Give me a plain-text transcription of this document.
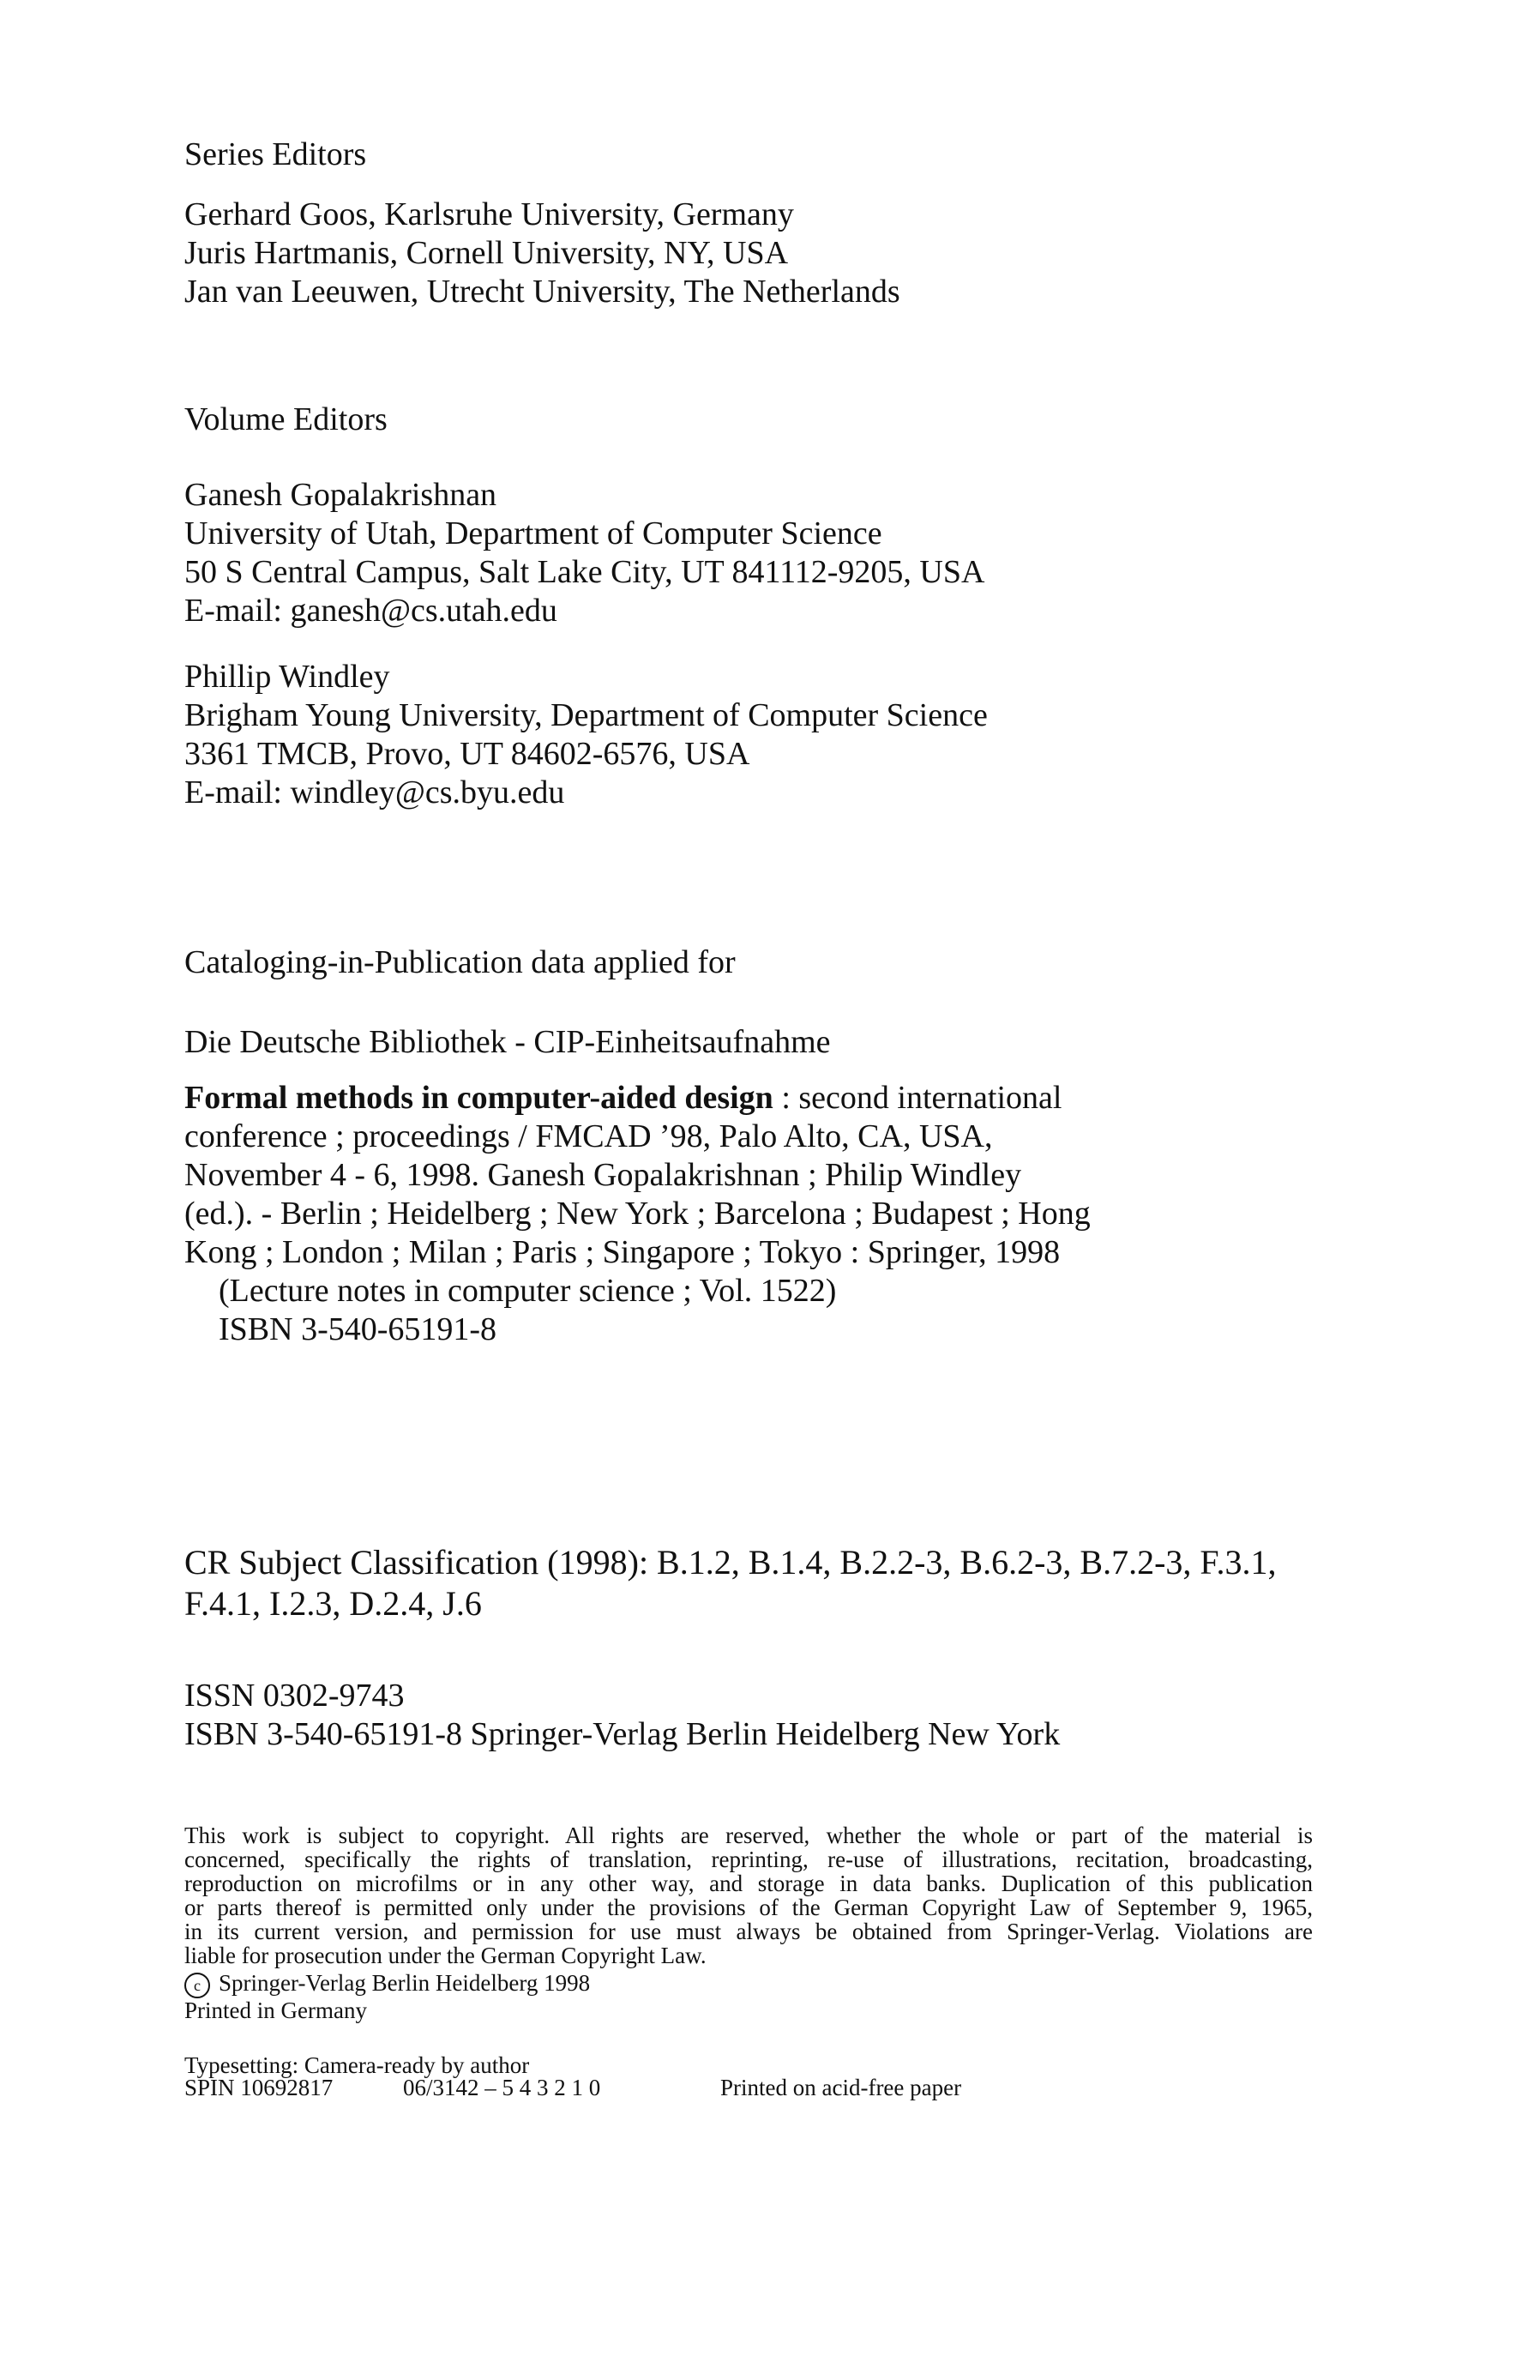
Series Editors
Gerhard Goos, Karlsruhe University, Germany
Juris Hartmanis, Cornell University, NY, USA
Jan van Leeuwen, Utrecht University, The Netherlands
Volume Editors
Ganesh Gopalakrishnan
University of Utah, Department of Computer Science
50 S Central Campus, Salt Lake City, UT 841112-9205, USA
E-mail: ganesh@cs.utah.edu
Phillip Windley
Brigham Young University, Department of Computer Science
3361 TMCB, Provo, UT 84602-6576, USA
E-mail: windley@cs.byu.edu
Cataloging-in-Publication data applied for
Die Deutsche Bibliothek - CIP-Einheitsaufnahme
Formal methods in computer-aided design : second international
conference ; proceedings / FMCAD ’98, Palo Alto, CA, USA,
November 4 - 6, 1998. Ganesh Gopalakrishnan ; Philip Windley
(ed.). - Berlin ; Heidelberg ; New York ; Barcelona ; Budapest ; Hong
Kong ; London ; Milan ; Paris ; Singapore ; Tokyo : Springer, 1998
(Lecture notes in computer science ; Vol. 1522)
ISBN 3-540-65191-8
CR Subject Classification (1998): B.1.2, B.1.4, B.2.2-3, B.6.2-3, B.7.2-3, F.3.1,
F.4.1, I.2.3, D.2.4, J.6
ISSN 0302-9743
ISBN 3-540-65191-8 Springer-Verlag Berlin Heidelberg New York
This work is subject to copyright. All rights are reserved, whether the whole or part of the material is
concerned, specifically the rights of translation, reprinting, re-use of illustrations, recitation, broadcasting,
reproduction on microfilms or in any other way, and storage in data banks. Duplication of this publication
or parts thereof is permitted only under the provisions of the German Copyright Law of September 9, 1965,
in its current version, and permission for use must always be obtained from Springer-Verlag. Violations are
liable for prosecution under the German Copyright Law.
c Springer-Verlag Berlin Heidelberg 1998
Printed in Germany
Typesetting: Camera-ready by author
SPIN 10692817	06/3142 – 5 4 3 2 1 0	Printed on acid-free paper
